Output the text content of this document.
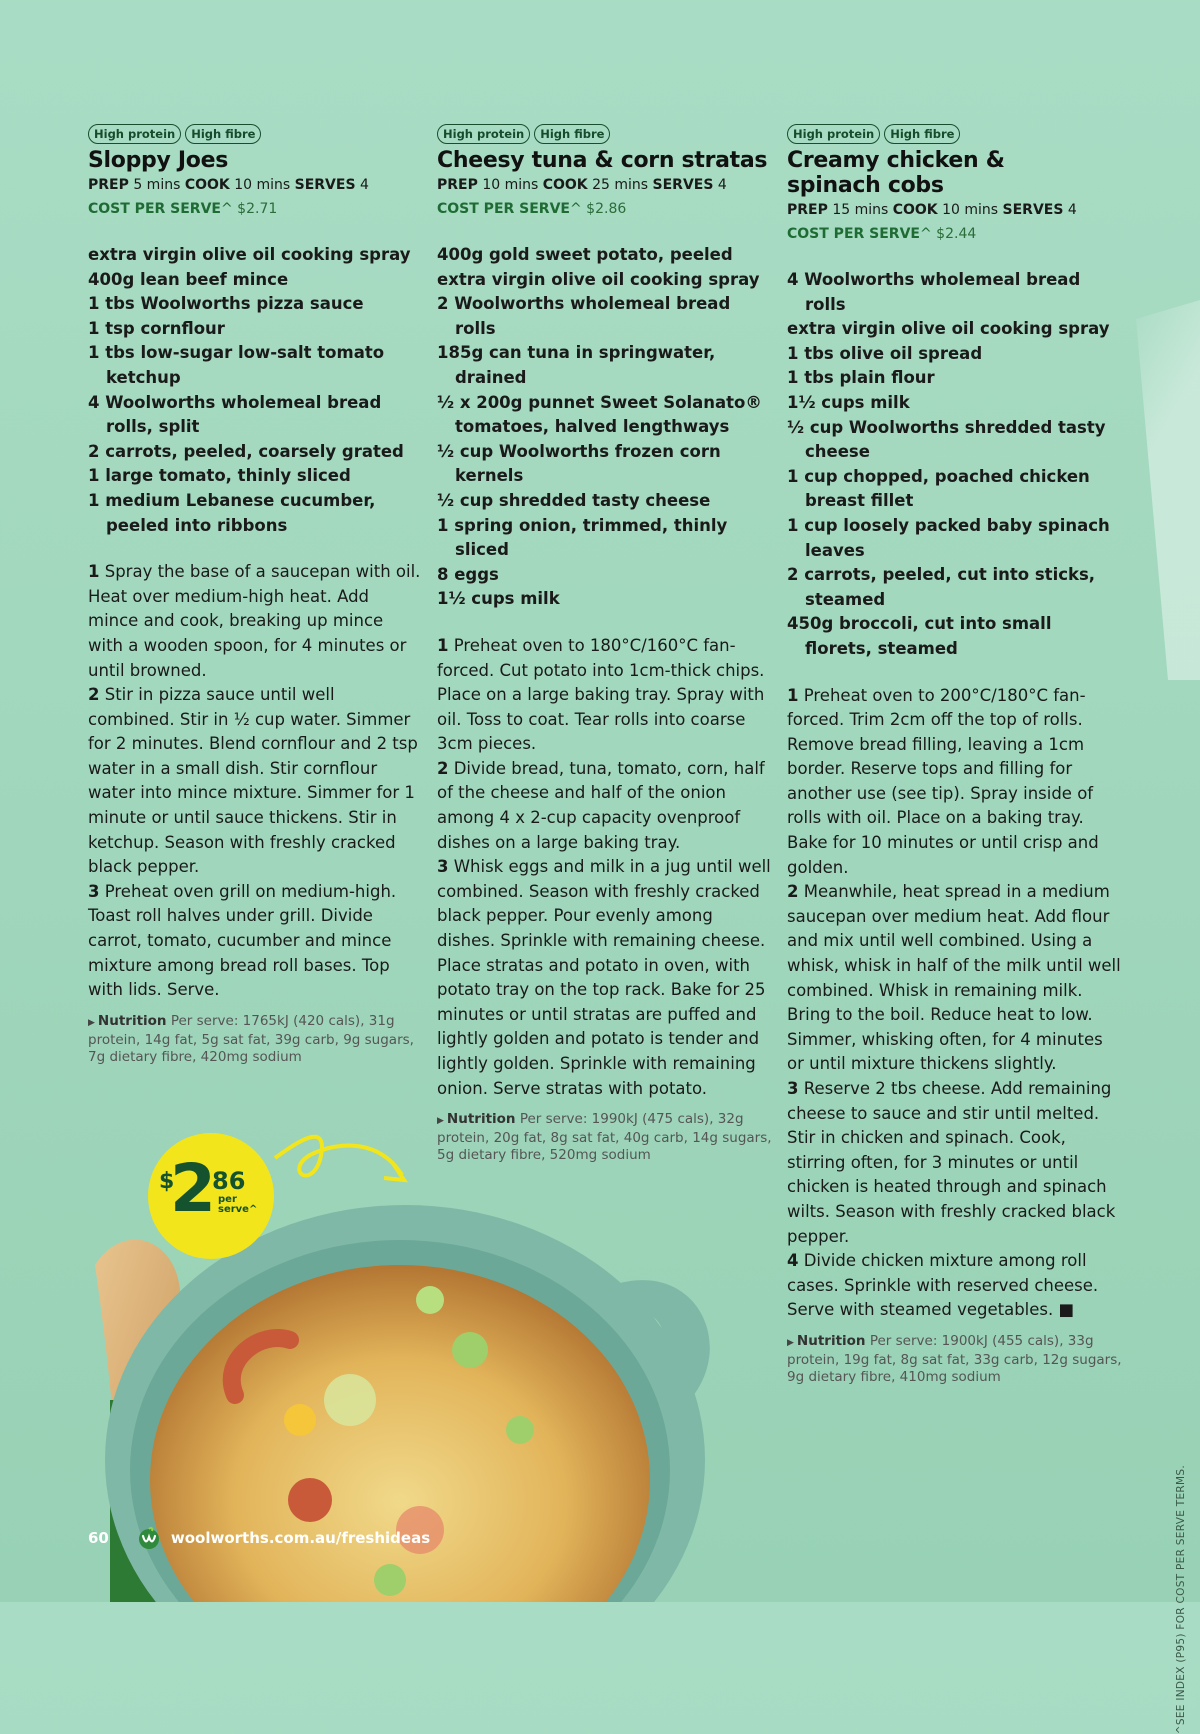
High protein	High fibre
Sloppy Joes
PREP 5 mins COOK 10 mins SERVES 4
COST PER SERVE^ $2.71
extra virgin olive oil cooking spray
400g lean beef mince
1 tbs Woolworths pizza sauce
1 tsp cornflour
1 tbs low-sugar low-salt tomato ketchup
4 Woolworths wholemeal bread rolls, split
2 carrots, peeled, coarsely grated
1 large tomato, thinly sliced
1 medium Lebanese cucumber, peeled into ribbons

1 Spray the base of a saucepan with oil. Heat over medium-high heat. Add mince and cook, breaking up mince with a wooden spoon, for 4 minutes or until browned.

2 Stir in pizza sauce until well combined. Stir in ½ cup water. Simmer for 2 minutes. Blend cornflour and 2 tsp water in a small dish. Stir cornflour water into mince mixture. Simmer for 1 minute or until sauce thickens. Stir in ketchup. Season with freshly cracked black pepper.

3 Preheat oven grill on medium-high. Toast roll halves under grill. Divide carrot, tomato, cucumber and mince mixture among bread roll bases. Top with lids. Serve.

▶ Nutrition Per serve: 1765kJ (420 cals), 31g protein, 14g fat, 5g sat fat, 39g carb, 9g sugars, 7g dietary fibre, 420mg sodium
High protein	High fibre
Cheesy tuna & corn stratas
PREP 10 mins COOK 25 mins SERVES 4
COST PER SERVE^ $2.86
400g gold sweet potato, peeled
extra virgin olive oil cooking spray
2 Woolworths wholemeal bread rolls
185g can tuna in springwater, drained
½ x 200g punnet Sweet Solanato® tomatoes, halved lengthways
½ cup Woolworths frozen corn kernels
½ cup shredded tasty cheese
1 spring onion, trimmed, thinly sliced
8 eggs
1½ cups milk

1 Preheat oven to 180°C/160°C fan-forced. Cut potato into 1cm-thick chips. Place on a large baking tray. Spray with oil. Toss to coat. Tear rolls into coarse 3cm pieces.

2 Divide bread, tuna, tomato, corn, half of the cheese and half of the onion among 4 x 2-cup capacity ovenproof dishes on a large baking tray.

3 Whisk eggs and milk in a jug until well combined. Season with freshly cracked black pepper. Pour evenly among dishes. Sprinkle with remaining cheese. Place stratas and potato in oven, with potato tray on the top rack. Bake for 25 minutes or until stratas are puffed and lightly golden and potato is tender and lightly golden. Sprinkle with remaining onion. Serve stratas with potato.

▶ Nutrition Per serve: 1990kJ (475 cals), 32g protein, 20g fat, 8g sat fat, 40g carb, 14g sugars, 5g dietary fibre, 520mg sodium
High protein	High fibre
Creamy chicken & spinach cobs
PREP 15 mins COOK 10 mins SERVES 4
COST PER SERVE^ $2.44
4 Woolworths wholemeal bread rolls
extra virgin olive oil cooking spray
1 tbs olive oil spread
1 tbs plain flour
1½ cups milk
½ cup Woolworths shredded tasty cheese
1 cup chopped, poached chicken breast fillet
1 cup loosely packed baby spinach leaves
2 carrots, peeled, cut into sticks, steamed
450g broccoli, cut into small florets, steamed

1 Preheat oven to 200°C/180°C fan-forced. Trim 2cm off the top of rolls. Remove bread filling, leaving a 1cm border. Reserve tops and filling for another use (see tip). Spray inside of rolls with oil. Place on a baking tray. Bake for 10 minutes or until crisp and golden.

2 Meanwhile, heat spread in a medium saucepan over medium heat. Add flour and mix until well combined. Using a whisk, whisk in half of the milk until well combined. Whisk in remaining milk. Bring to the boil. Reduce heat to low. Simmer, whisking often, for 4 minutes or until mixture thickens slightly.

3 Reserve 2 tbs cheese. Add remaining cheese to sauce and stir until melted. Stir in chicken and spinach. Cook, stirring often, for 3 minutes or until chicken is heated through and spinach wilts. Season with freshly cracked black pepper.

4 Divide chicken mixture among roll cases. Sprinkle with reserved cheese. Serve with steamed vegetables. ■

▶ Nutrition Per serve: 1900kJ (455 cals), 33g protein, 19g fat, 8g sat fat, 33g carb, 12g sugars, 9g dietary fibre, 410mg sodium
$
2 86
per
serve^
^SEE INDEX (P95) FOR COST PER SERVE TERMS.
60	woolworths.com.au/freshideas
